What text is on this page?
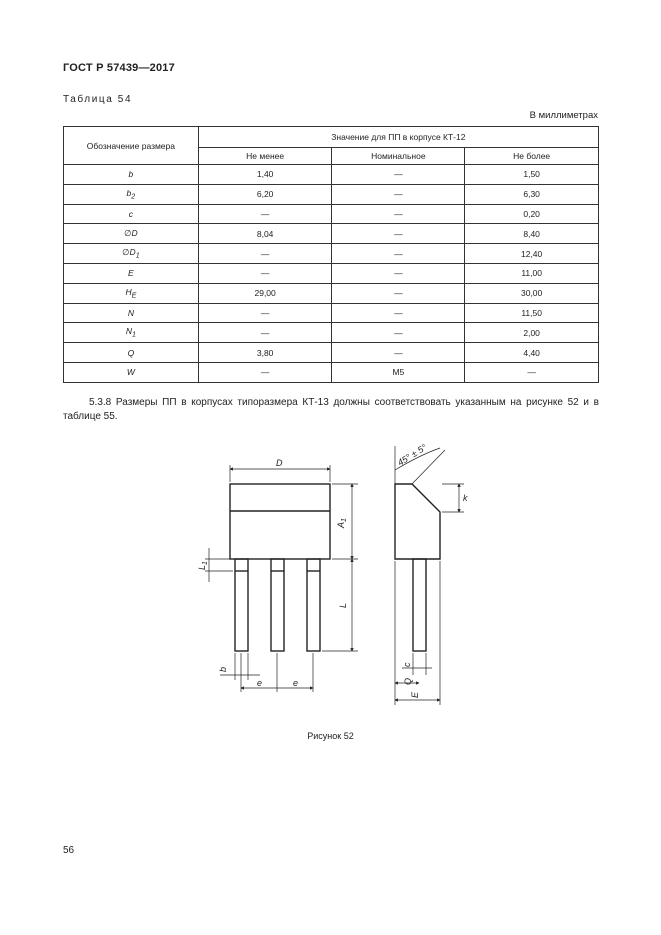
ГОСТ Р 57439—2017
Таблица 54
В миллиметрах
Обозначение размера	Значение для ПП в корпусе КТ-12		
	Не менее	Номинальное	Не более
b	1,40	—	1,50
$b_2$	6,20	—	6,30
c	—	—	0,20
∅D	8,04	—	8,40
$\emptyset D_1$	—	—	12,40
E	—	—	11,00
$H_E$	29,00	—	30,00
N	—	—	11,50
$N_1$	—	—	2,00
Q	3,80	—	4,40
W	—	M5	—
5.3.8 Размеры ПП в корпусах типоразмера КТ-13 должны соответствовать указанным на рисунке 52 и в таблице 55.
D
$A_1$
L
$L_1$
b
e	e
45° ± 5°
k
c
Q
E
Рисунок 52
56
